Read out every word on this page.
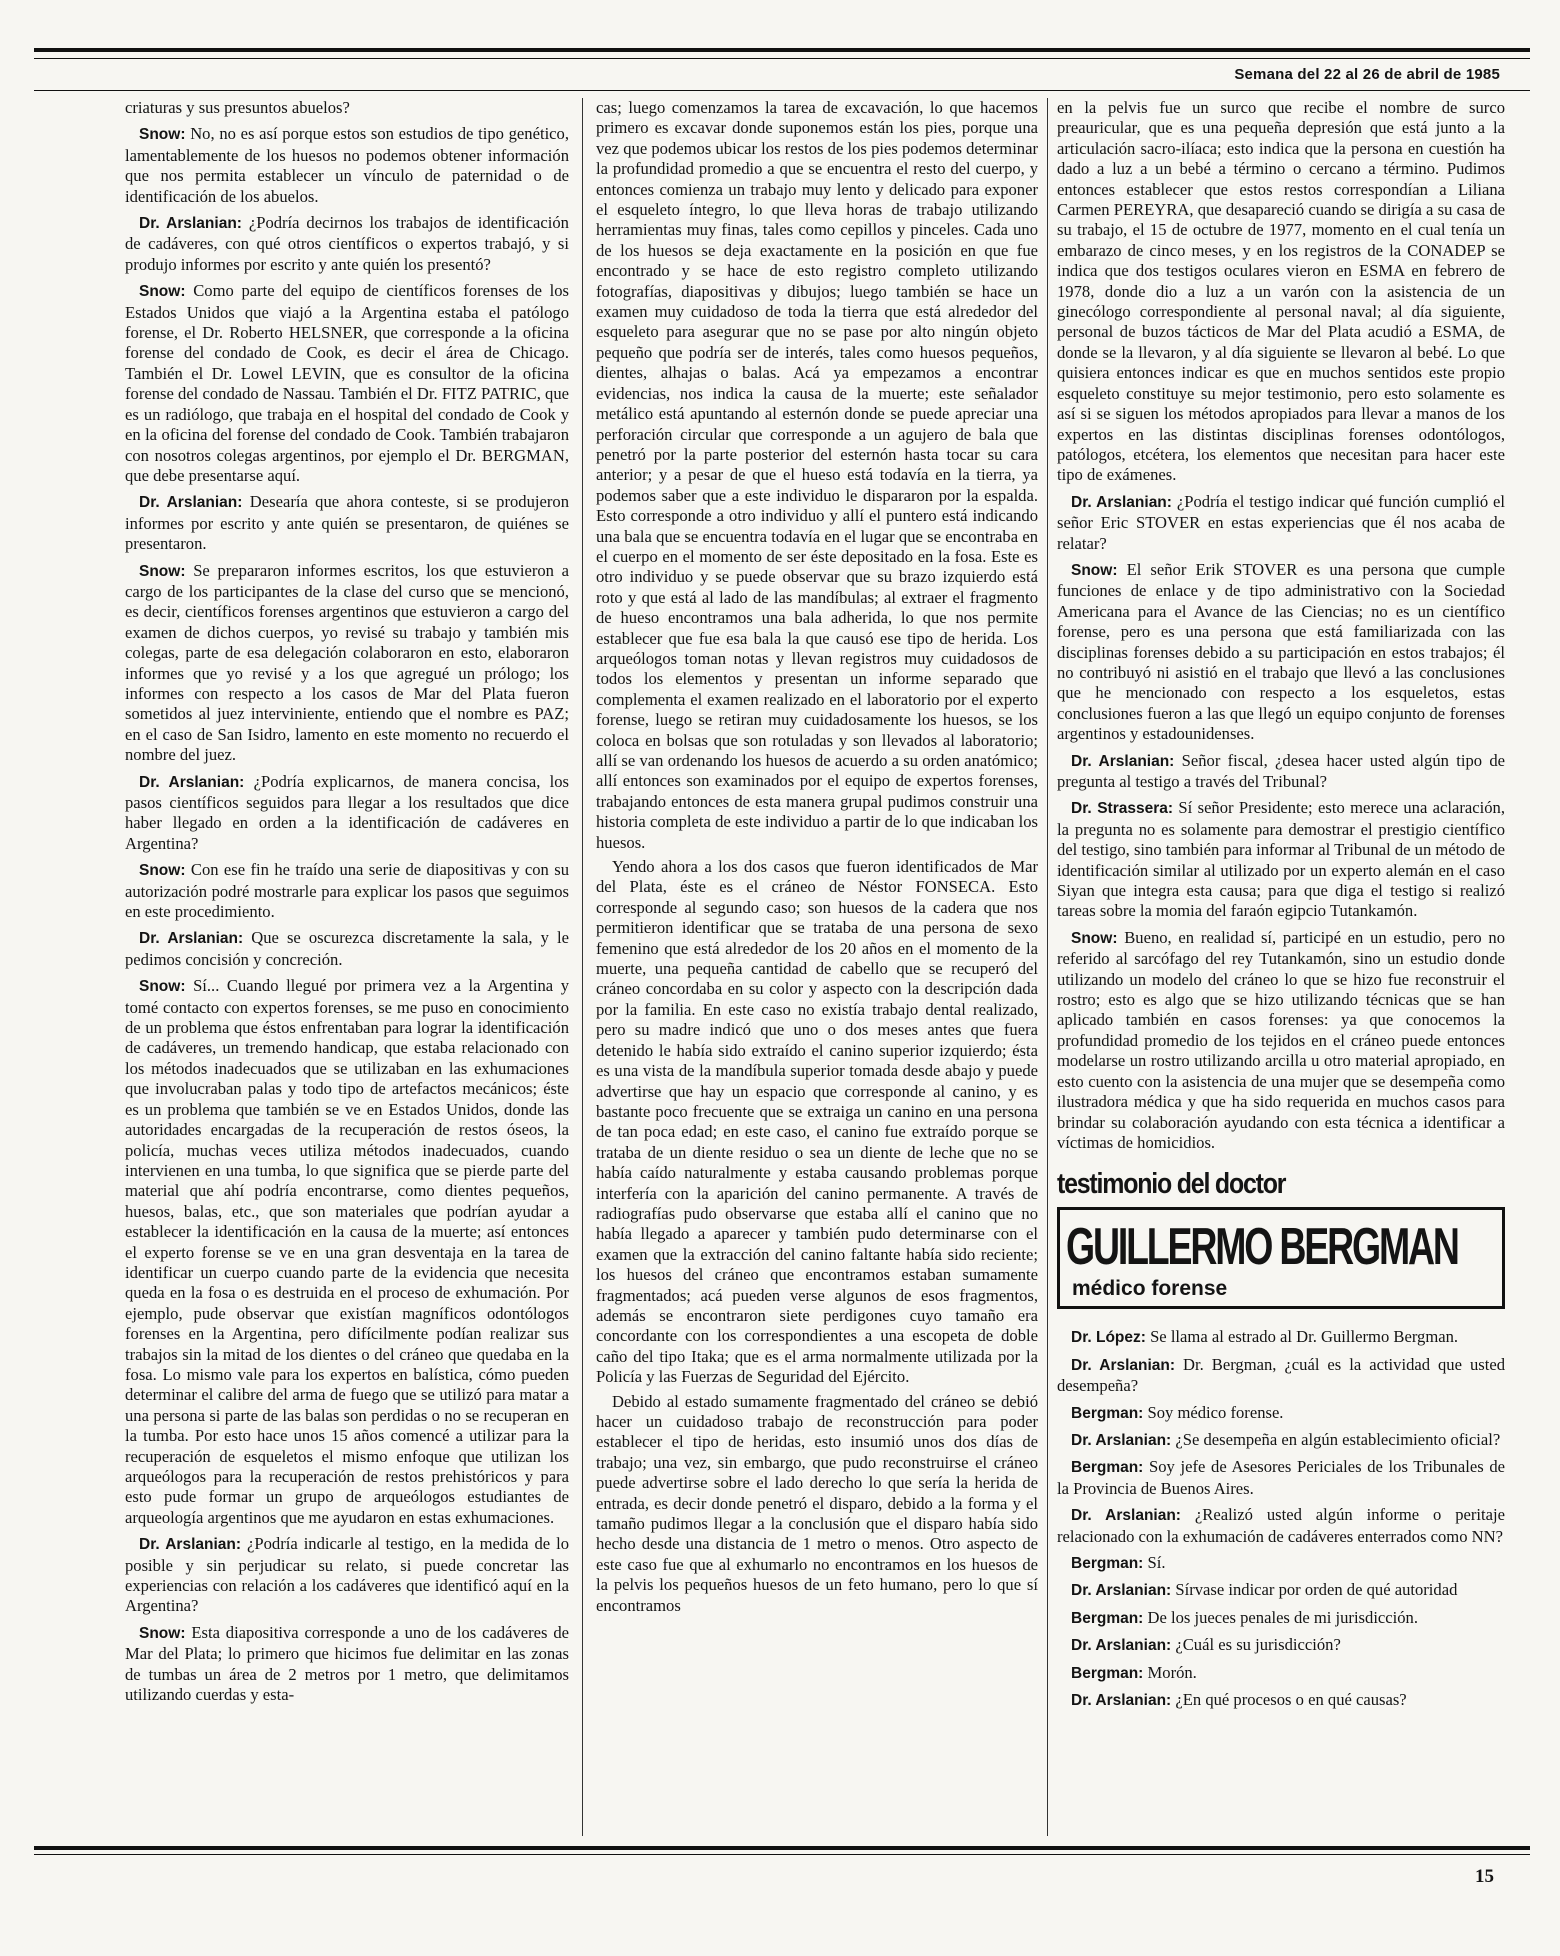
Semana del 22 al 26 de abril de 1985

criaturas y sus presuntos abuelos?

Snow: No, no es así porque estos son estudios de tipo genético, lamentablemente de los huesos no podemos obtener información que nos permita establecer un vínculo de paternidad o de identificación de los abuelos.

Dr. Arslanian: ¿Podría decirnos los trabajos de identificación de cadáveres, con qué otros científicos o expertos trabajó, y si produjo informes por escrito y ante quién los presentó?

Snow: Como parte del equipo de científicos forenses de los Estados Unidos que viajó a la Argentina estaba el patólogo forense, el Dr. Roberto HELSNER, que corresponde a la oficina forense del condado de Cook, es decir el área de Chicago. También el Dr. Lowel LEVIN, que es consultor de la oficina forense del condado de Nassau. También el Dr. FITZ PATRIC, que es un radiólogo, que trabaja en el hospital del condado de Cook y en la oficina del forense del condado de Cook. También trabajaron con nosotros colegas argentinos, por ejemplo el Dr. BERGMAN, que debe presentarse aquí.

Dr. Arslanian: Desearía que ahora conteste, si se produjeron informes por escrito y ante quién se presentaron, de quiénes se presentaron.

Snow: Se prepararon informes escritos, los que estuvieron a cargo de los participantes de la clase del curso que se mencionó, es decir, científicos forenses argentinos que estuvieron a cargo del examen de dichos cuerpos, yo revisé su trabajo y también mis colegas, parte de esa delegación colaboraron en esto, elaboraron informes que yo revisé y a los que agregué un prólogo; los informes con respecto a los casos de Mar del Plata fueron sometidos al juez interviniente, entiendo que el nombre es PAZ; en el caso de San Isidro, lamento en este momento no recuerdo el nombre del juez.

Dr. Arslanian: ¿Podría explicarnos, de manera concisa, los pasos científicos seguidos para llegar a los resultados que dice haber llegado en orden a la identificación de cadáveres en Argentina?

Snow: Con ese fin he traído una serie de diapositivas y con su autorización podré mostrarle para explicar los pasos que seguimos en este procedimiento.

Dr. Arslanian: Que se oscurezca discretamente la sala, y le pedimos concisión y concreción.

Snow: Sí... Cuando llegué por primera vez a la Argentina y tomé contacto con expertos forenses, se me puso en conocimiento de un problema que éstos enfrentaban para lograr la identificación de cadáveres, un tremendo handicap, que estaba relacionado con los métodos inadecuados que se utilizaban en las exhumaciones que involucraban palas y todo tipo de artefactos mecánicos; éste es un problema que también se ve en Estados Unidos, donde las autoridades encargadas de la recuperación de restos óseos, la policía, muchas veces utiliza métodos inadecuados, cuando intervienen en una tumba, lo que significa que se pierde parte del material que ahí podría encontrarse, como dientes pequeños, huesos, balas, etc., que son materiales que podrían ayudar a establecer la identificación en la causa de la muerte; así entonces el experto forense se ve en una gran desventaja en la tarea de identificar un cuerpo cuando parte de la evidencia que necesita queda en la fosa o es destruida en el proceso de exhumación. Por ejemplo, pude observar que existían magníficos odontólogos forenses en la Argentina, pero difícilmente podían realizar sus trabajos sin la mitad de los dientes o del cráneo que quedaba en la fosa. Lo mismo vale para los expertos en balística, cómo pueden determinar el calibre del arma de fuego que se utilizó para matar a una persona si parte de las balas son perdidas o no se recuperan en la tumba. Por esto hace unos 15 años comencé a utilizar para la recuperación de esqueletos el mismo enfoque que utilizan los arqueólogos para la recuperación de restos prehistóricos y para esto pude formar un grupo de arqueólogos estudiantes de arqueología argentinos que me ayudaron en estas exhumaciones.

Dr. Arslanian: ¿Podría indicarle al testigo, en la medida de lo posible y sin perjudicar su relato, si puede concretar las experiencias con relación a los cadáveres que identificó aquí en la Argentina?

Snow: Esta diapositiva corresponde a uno de los cadáveres de Mar del Plata; lo primero que hicimos fue delimitar en las zonas de tumbas un área de 2 metros por 1 metro, que delimitamos utilizando cuerdas y esta-

cas; luego comenzamos la tarea de excavación, lo que hacemos primero es excavar donde suponemos están los pies, porque una vez que podemos ubicar los restos de los pies podemos determinar la profundidad promedio a que se encuentra el resto del cuerpo, y entonces comienza un trabajo muy lento y delicado para exponer el esqueleto íntegro, lo que lleva horas de trabajo utilizando herramientas muy finas, tales como cepillos y pinceles. Cada uno de los huesos se deja exactamente en la posición en que fue encontrado y se hace de esto registro completo utilizando fotografías, diapositivas y dibujos; luego también se hace un examen muy cuidadoso de toda la tierra que está alrededor del esqueleto para asegurar que no se pase por alto ningún objeto pequeño que podría ser de interés, tales como huesos pequeños, dientes, alhajas o balas. Acá ya empezamos a encontrar evidencias, nos indica la causa de la muerte; este señalador metálico está apuntando al esternón donde se puede apreciar una perforación circular que corresponde a un agujero de bala que penetró por la parte posterior del esternón hasta tocar su cara anterior; y a pesar de que el hueso está todavía en la tierra, ya podemos saber que a este individuo le dispararon por la espalda. Esto corresponde a otro individuo y allí el puntero está indicando una bala que se encuentra todavía en el lugar que se encontraba en el cuerpo en el momento de ser éste depositado en la fosa. Este es otro individuo y se puede observar que su brazo izquierdo está roto y que está al lado de las mandíbulas; al extraer el fragmento de hueso encontramos una bala adherida, lo que nos permite establecer que fue esa bala la que causó ese tipo de herida. Los arqueólogos toman notas y llevan registros muy cuidadosos de todos los elementos y presentan un informe separado que complementa el examen realizado en el laboratorio por el experto forense, luego se retiran muy cuidadosamente los huesos, se los coloca en bolsas que son rotuladas y son llevados al laboratorio; allí se van ordenando los huesos de acuerdo a su orden anatómico; allí entonces son examinados por el equipo de expertos forenses, trabajando entonces de esta manera grupal pudimos construir una historia completa de este individuo a partir de lo que indicaban los huesos.

Yendo ahora a los dos casos que fueron identificados de Mar del Plata, éste es el cráneo de Néstor FONSECA. Esto corresponde al segundo caso; son huesos de la cadera que nos permitieron identificar que se trataba de una persona de sexo femenino que está alrededor de los 20 años en el momento de la muerte, una pequeña cantidad de cabello que se recuperó del cráneo concordaba en su color y aspecto con la descripción dada por la familia. En este caso no existía trabajo dental realizado, pero su madre indicó que uno o dos meses antes que fuera detenido le había sido extraído el canino superior izquierdo; ésta es una vista de la mandíbula superior tomada desde abajo y puede advertirse que hay un espacio que corresponde al canino, y es bastante poco frecuente que se extraiga un canino en una persona de tan poca edad; en este caso, el canino fue extraído porque se trataba de un diente residuo o sea un diente de leche que no se había caído naturalmente y estaba causando problemas porque interfería con la aparición del canino permanente. A través de radiografías pudo observarse que estaba allí el canino que no había llegado a aparecer y también pudo determinarse con el examen que la extracción del canino faltante había sido reciente; los huesos del cráneo que encontramos estaban sumamente fragmentados; acá pueden verse algunos de esos fragmentos, además se encontraron siete perdigones cuyo tamaño era concordante con los correspondientes a una escopeta de doble caño del tipo Itaka; que es el arma normalmente utilizada por la Policía y las Fuerzas de Seguridad del Ejército.

Debido al estado sumamente fragmentado del cráneo se debió hacer un cuidadoso trabajo de reconstrucción para poder establecer el tipo de heridas, esto insumió unos dos días de trabajo; una vez, sin embargo, que pudo reconstruirse el cráneo puede advertirse sobre el lado derecho lo que sería la herida de entrada, es decir donde penetró el disparo, debido a la forma y el tamaño pudimos llegar a la conclusión que el disparo había sido hecho desde una distancia de 1 metro o menos. Otro aspecto de este caso fue que al exhumarlo no encontramos en los huesos de la pelvis los pequeños huesos de un feto humano, pero lo que sí encontramos

en la pelvis fue un surco que recibe el nombre de surco preauricular, que es una pequeña depresión que está junto a la articulación sacro-ilíaca; esto indica que la persona en cuestión ha dado a luz a un bebé a término o cercano a término. Pudimos entonces establecer que estos restos correspondían a Liliana Carmen PEREYRA, que desapareció cuando se dirigía a su casa de su trabajo, el 15 de octubre de 1977, momento en el cual tenía un embarazo de cinco meses, y en los registros de la CONADEP se indica que dos testigos oculares vieron en ESMA en febrero de 1978, donde dio a luz a un varón con la asistencia de un ginecólogo correspondiente al personal naval; al día siguiente, personal de buzos tácticos de Mar del Plata acudió a ESMA, de donde se la llevaron, y al día siguiente se llevaron al bebé. Lo que quisiera entonces indicar es que en muchos sentidos este propio esqueleto constituye su mejor testimonio, pero esto solamente es así si se siguen los métodos apropiados para llevar a manos de los expertos en las distintas disciplinas forenses odontólogos, patólogos, etcétera, los elementos que necesitan para hacer este tipo de exámenes.

Dr. Arslanian: ¿Podría el testigo indicar qué función cumplió el señor Eric STOVER en estas experiencias que él nos acaba de relatar?

Snow: El señor Erik STOVER es una persona que cumple funciones de enlace y de tipo administrativo con la Sociedad Americana para el Avance de las Ciencias; no es un científico forense, pero es una persona que está familiarizada con las disciplinas forenses debido a su participación en estos trabajos; él no contribuyó ni asistió en el trabajo que llevó a las conclusiones que he mencionado con respecto a los esqueletos, estas conclusiones fueron a las que llegó un equipo conjunto de forenses argentinos y estadounidenses.

Dr. Arslanian: Señor fiscal, ¿desea hacer usted algún tipo de pregunta al testigo a través del Tribunal?

Dr. Strassera: Sí señor Presidente; esto merece una aclaración, la pregunta no es solamente para demostrar el prestigio científico del testigo, sino también para informar al Tribunal de un método de identificación similar al utilizado por un experto alemán en el caso Siyan que integra esta causa; para que diga el testigo si realizó tareas sobre la momia del faraón egipcio Tutankamón.

Snow: Bueno, en realidad sí, participé en un estudio, pero no referido al sarcófago del rey Tutankamón, sino un estudio donde utilizando un modelo del cráneo lo que se hizo fue reconstruir el rostro; esto es algo que se hizo utilizando técnicas que se han aplicado también en casos forenses: ya que conocemos la profundidad promedio de los tejidos en el cráneo puede entonces modelarse un rostro utilizando arcilla u otro material apropiado, en esto cuento con la asistencia de una mujer que se desempeña como ilustradora médica y que ha sido requerida en muchos casos para brindar su colaboración ayudando con esta técnica a identificar a víctimas de homicidios.

testimonio del doctor
GUILLERMO BERGMAN
médico forense

Dr. López: Se llama al estrado al Dr. Guillermo Bergman.

Dr. Arslanian: Dr. Bergman, ¿cuál es la actividad que usted desempeña?

Bergman: Soy médico forense.

Dr. Arslanian: ¿Se desempeña en algún establecimiento oficial?

Bergman: Soy jefe de Asesores Periciales de los Tribunales de la Provincia de Buenos Aires.

Dr. Arslanian: ¿Realizó usted algún informe o peritaje relacionado con la exhumación de cadáveres enterrados como NN?

Bergman: Sí.

Dr. Arslanian: Sírvase indicar por orden de qué autoridad

Bergman: De los jueces penales de mi jurisdicción.

Dr. Arslanian: ¿Cuál es su jurisdicción?

Bergman: Morón.

Dr. Arslanian: ¿En qué procesos o en qué causas?

15
